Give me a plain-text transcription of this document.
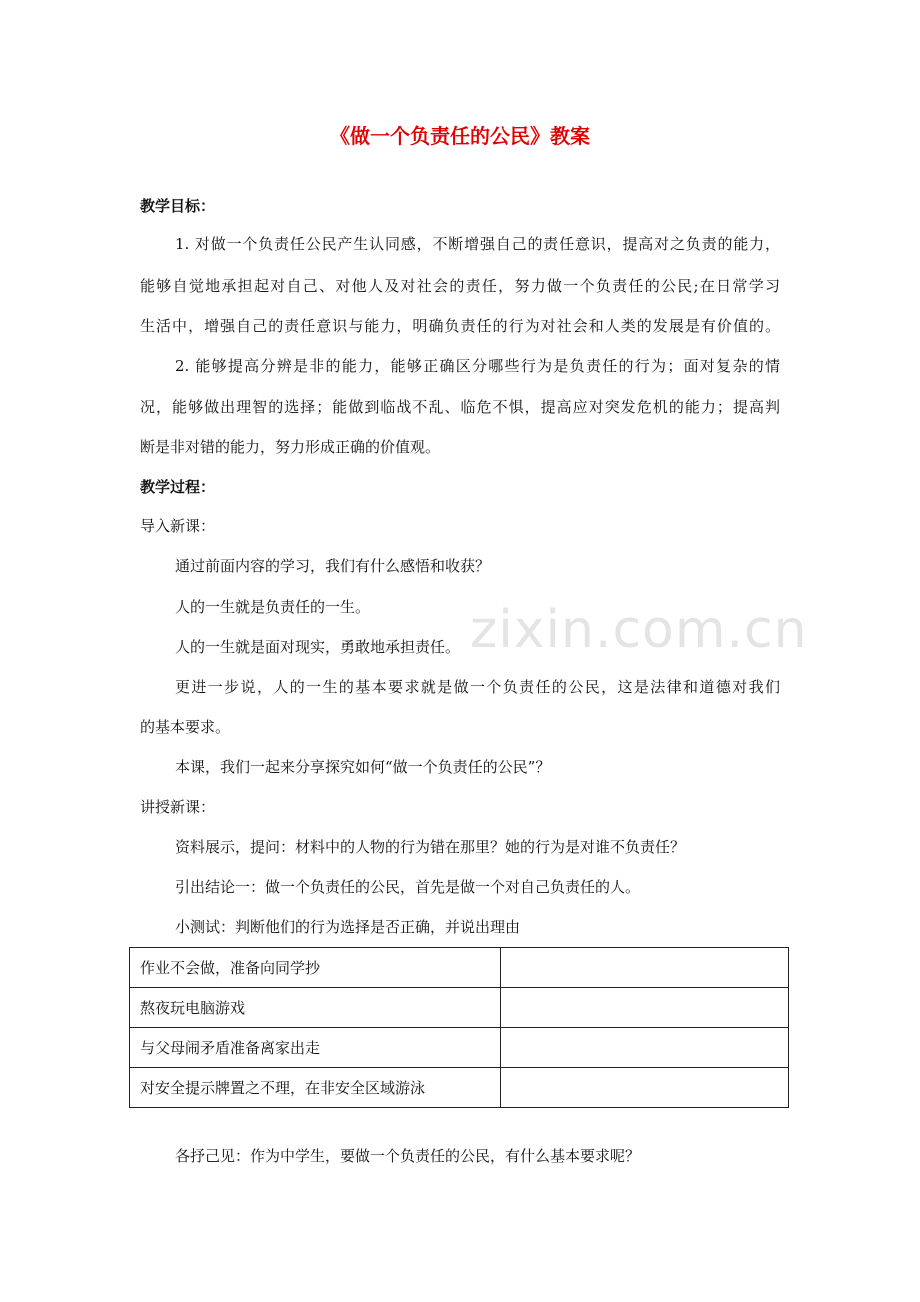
《做一个负责任的公民》教案
zixin.com.cn
教学目标：
1. 对做一个负责任公民产生认同感，不断增强自己的责任意识，提高对之负责的能力，
能够自觉地承担起对自己、对他人及对社会的责任，努力做一个负责任的公民;在日常学习
生活中，增强自己的责任意识与能力，明确负责任的行为对社会和人类的发展是有价值的。
2. 能够提高分辨是非的能力，能够正确区分哪些行为是负责任的行为；面对复杂的情
况，能够做出理智的选择；能做到临战不乱、临危不惧，提高应对突发危机的能力；提高判
断是非对错的能力，努力形成正确的价值观。
教学过程：
导入新课：
通过前面内容的学习，我们有什么感悟和收获？
人的一生就是负责任的一生。
人的一生就是面对现实，勇敢地承担责任。
更进一步说，人的一生的基本要求就是做一个负责任的公民，这是法律和道德对我们
的基本要求。
本课，我们一起来分享探究如何“做一个负责任的公民”？
讲授新课：
资料展示，提问：材料中的人物的行为错在那里？她的行为是对谁不负责任？
引出结论一：做一个负责任的公民，首先是做一个对自己负责任的人。
小测试：判断他们的行为选择是否正确，并说出理由
作业不会做，准备向同学抄	
熬夜玩电脑游戏	
与父母闹矛盾准备离家出走	
对安全提示牌置之不理，在非安全区域游泳	
各抒己见：作为中学生，要做一个负责任的公民，有什么基本要求呢？
